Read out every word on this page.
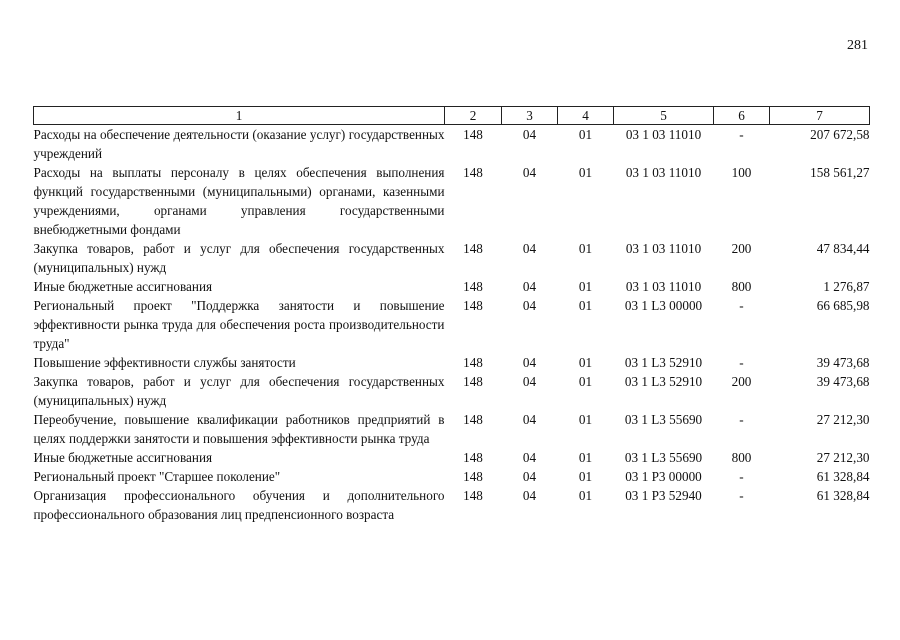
281
1	2	3	4	5	6	7
Расходы на обеспечение деятельности (оказание услуг) государственных учреждений	148	04	01	03 1 03 11010	-	207 672,58
Расходы на выплаты персоналу в целях обеспечения выполнения функций государственными (муниципальными) органами, казенными учреждениями, органами управления государственными внебюджетными фондами	148	04	01	03 1 03 11010	100	158 561,27
Закупка товаров, работ и услуг для обеспечения государственных (муниципальных) нужд	148	04	01	03 1 03 11010	200	47 834,44
Иные бюджетные ассигнования	148	04	01	03 1 03 11010	800	1 276,87
Региональный проект "Поддержка занятости и повышение эффективности рынка труда для обеспечения роста производительности труда"	148	04	01	03 1 L3 00000	-	66 685,98
Повышение эффективности службы занятости	148	04	01	03 1 L3 52910	-	39 473,68
Закупка товаров, работ и услуг для обеспечения государственных (муниципальных) нужд	148	04	01	03 1 L3 52910	200	39 473,68
Переобучение, повышение квалификации работников предприятий в целях поддержки занятости и повышения эффективности рынка труда	148	04	01	03 1 L3 55690	-	27 212,30
Иные бюджетные ассигнования	148	04	01	03 1 L3 55690	800	27 212,30
Региональный проект "Старшее поколение"	148	04	01	03 1 P3 00000	-	61 328,84
Организация профессионального обучения и дополнительного профессионального образования лиц предпенсионного возраста	148	04	01	03 1 P3 52940	-	61 328,84
